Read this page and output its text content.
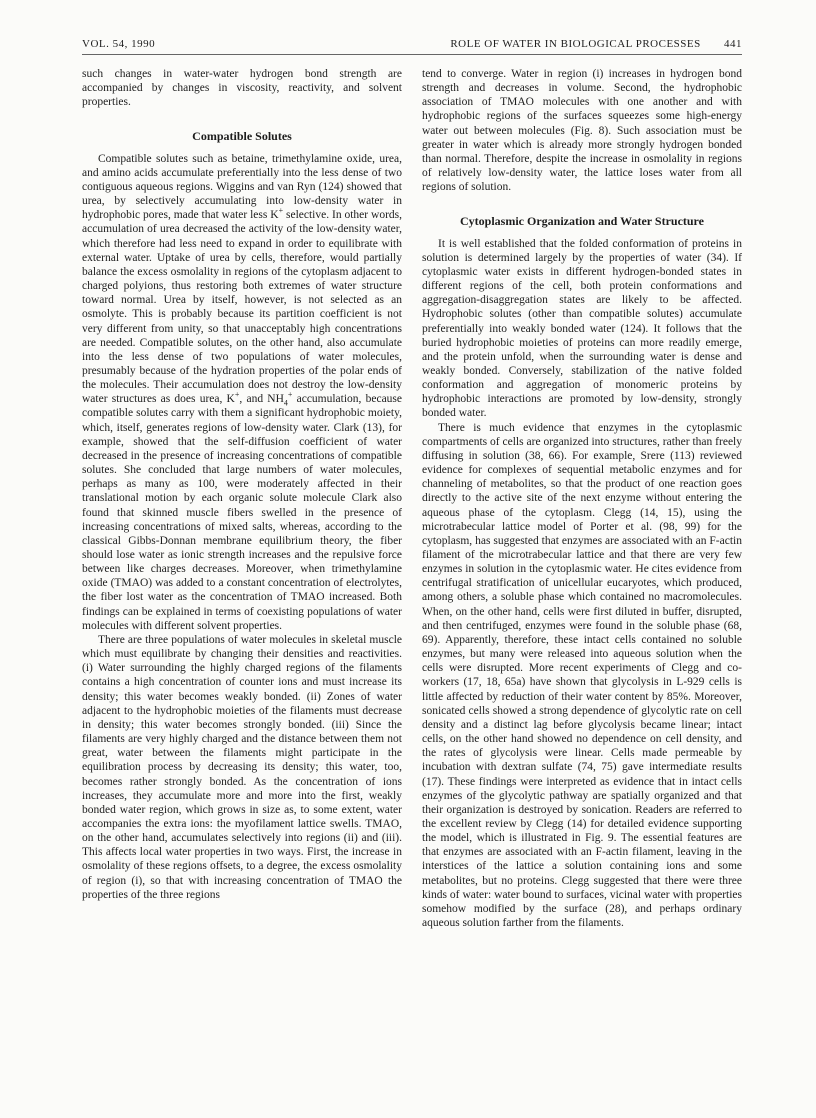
VOL. 54, 1990	ROLE OF WATER IN BIOLOGICAL PROCESSES 441

such changes in water-water hydrogen bond strength are accompanied by changes in viscosity, reactivity, and solvent properties.

Compatible Solutes

Compatible solutes such as betaine, trimethylamine oxide, urea, and amino acids accumulate preferentially into the less dense of two contiguous aqueous regions. Wiggins and van Ryn (124) showed that urea, by selectively accumulating into low-density water in hydrophobic pores, made that water less K+ selective. In other words, accumulation of urea decreased the activity of the low-density water, which therefore had less need to expand in order to equilibrate with external water. Uptake of urea by cells, therefore, would partially balance the excess osmolality in regions of the cytoplasm adjacent to charged polyions, thus restoring both extremes of water structure toward normal. Urea by itself, however, is not selected as an osmolyte. This is probably because its partition coefficient is not very different from unity, so that unacceptably high concentrations are needed. Compatible solutes, on the other hand, also accumulate into the less dense of two populations of water molecules, presumably because of the hydration properties of the polar ends of the molecules. Their accumulation does not destroy the low-density water structures as does urea, K+, and $NH_4^+$ accumulation, because compatible solutes carry with them a significant hydrophobic moiety, which, itself, generates regions of low-density water. Clark (13), for example, showed that the self-diffusion coefficient of water decreased in the presence of increasing concentrations of compatible solutes. She concluded that large numbers of water molecules, perhaps as many as 100, were moderately affected in their translational motion by each organic solute molecule Clark also found that skinned muscle fibers swelled in the presence of increasing concentrations of mixed salts, whereas, according to the classical Gibbs-Donnan membrane equilibrium theory, the fiber should lose water as ionic strength increases and the repulsive force between like charges decreases. Moreover, when trimethylamine oxide (TMAO) was added to a constant concentration of electrolytes, the fiber lost water as the concentration of TMAO increased. Both findings can be explained in terms of coexisting populations of water molecules with different solvent properties.

There are three populations of water molecules in skeletal muscle which must equilibrate by changing their densities and reactivities. (i) Water surrounding the highly charged regions of the filaments contains a high concentration of counter ions and must increase its density; this water becomes weakly bonded. (ii) Zones of water adjacent to the hydrophobic moieties of the filaments must decrease in density; this water becomes strongly bonded. (iii) Since the filaments are very highly charged and the distance between them not great, water between the filaments might participate in the equilibration process by decreasing its density; this water, too, becomes rather strongly bonded. As the concentration of ions increases, they accumulate more and more into the first, weakly bonded water region, which grows in size as, to some extent, water accompanies the extra ions: the myofilament lattice swells. TMAO, on the other hand, accumulates selectively into regions (ii) and (iii). This affects local water properties in two ways. First, the increase in osmolality of these regions offsets, to a degree, the excess osmolality of region (i), so that with increasing concentration of TMAO the properties of the three regions

tend to converge. Water in region (i) increases in hydrogen bond strength and decreases in volume. Second, the hydrophobic association of TMAO molecules with one another and with hydrophobic regions of the surfaces squeezes some high-energy water out between molecules (Fig. 8). Such association must be greater in water which is already more strongly hydrogen bonded than normal. Therefore, despite the increase in osmolality in regions of relatively low-density water, the lattice loses water from all regions of solution.

Cytoplasmic Organization and Water Structure

It is well established that the folded conformation of proteins in solution is determined largely by the properties of water (34). If cytoplasmic water exists in different hydrogen-bonded states in different regions of the cell, both protein conformations and aggregation-disaggregation states are likely to be affected. Hydrophobic solutes (other than compatible solutes) accumulate preferentially into weakly bonded water (124). It follows that the buried hydrophobic moieties of proteins can more readily emerge, and the protein unfold, when the surrounding water is dense and weakly bonded. Conversely, stabilization of the native folded conformation and aggregation of monomeric proteins by hydrophobic interactions are promoted by low-density, strongly bonded water.

There is much evidence that enzymes in the cytoplasmic compartments of cells are organized into structures, rather than freely diffusing in solution (38, 66). For example, Srere (113) reviewed evidence for complexes of sequential metabolic enzymes and for channeling of metabolites, so that the product of one reaction goes directly to the active site of the next enzyme without entering the aqueous phase of the cytoplasm. Clegg (14, 15), using the microtrabecular lattice model of Porter et al. (98, 99) for the cytoplasm, has suggested that enzymes are associated with an F-actin filament of the microtrabecular lattice and that there are very few enzymes in solution in the cytoplasmic water. He cites evidence from centrifugal stratification of unicellular eucaryotes, which produced, among others, a soluble phase which contained no macromolecules. When, on the other hand, cells were first diluted in buffer, disrupted, and then centrifuged, enzymes were found in the soluble phase (68, 69). Apparently, therefore, these intact cells contained no soluble enzymes, but many were released into aqueous solution when the cells were disrupted. More recent experiments of Clegg and co-workers (17, 18, 65a) have shown that glycolysis in L-929 cells is little affected by reduction of their water content by 85%. Moreover, sonicated cells showed a strong dependence of glycolytic rate on cell density and a distinct lag before glycolysis became linear; intact cells, on the other hand showed no dependence on cell density, and the rates of glycolysis were linear. Cells made permeable by incubation with dextran sulfate (74, 75) gave intermediate results (17). These findings were interpreted as evidence that in intact cells enzymes of the glycolytic pathway are spatially organized and that their organization is destroyed by sonication. Readers are referred to the excellent review by Clegg (14) for detailed evidence supporting the model, which is illustrated in Fig. 9. The essential features are that enzymes are associated with an F-actin filament, leaving in the interstices of the lattice a solution containing ions and some metabolites, but no proteins. Clegg suggested that there were three kinds of water: water bound to surfaces, vicinal water with properties somehow modified by the surface (28), and perhaps ordinary aqueous solution farther from the filaments.
